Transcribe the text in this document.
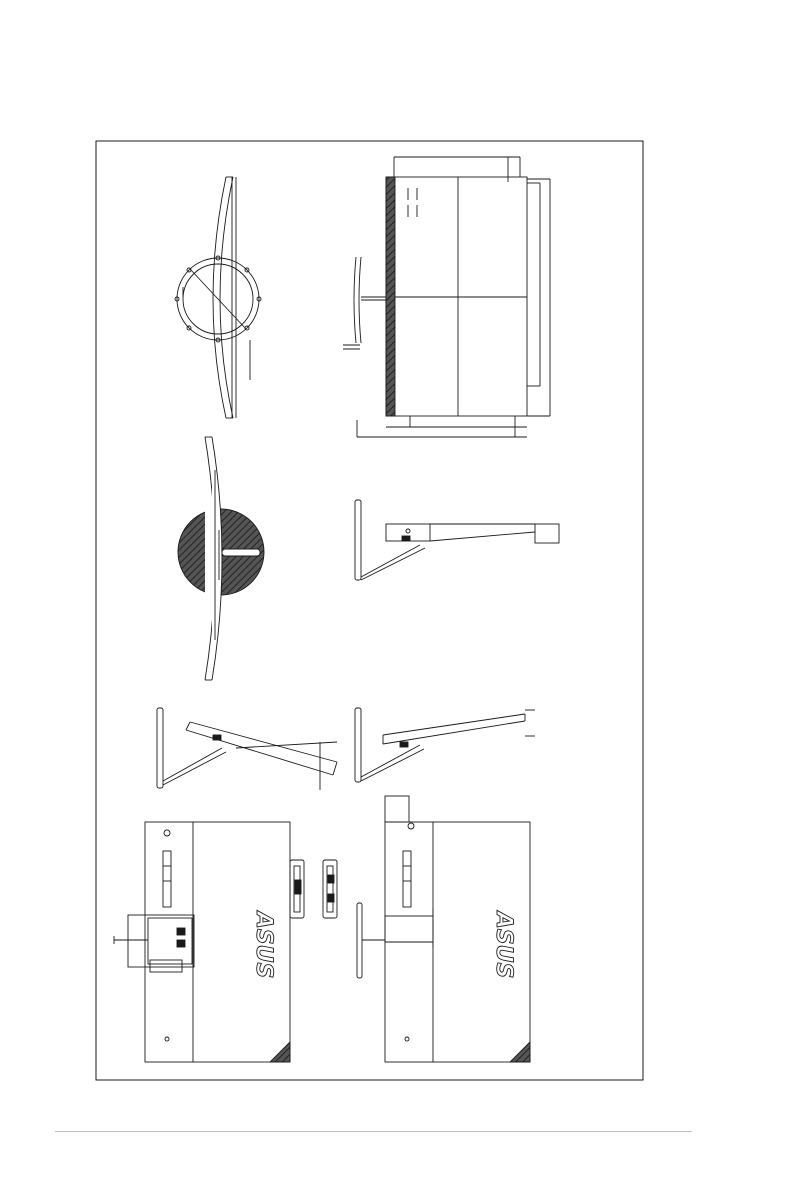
ASUS	ASUS
